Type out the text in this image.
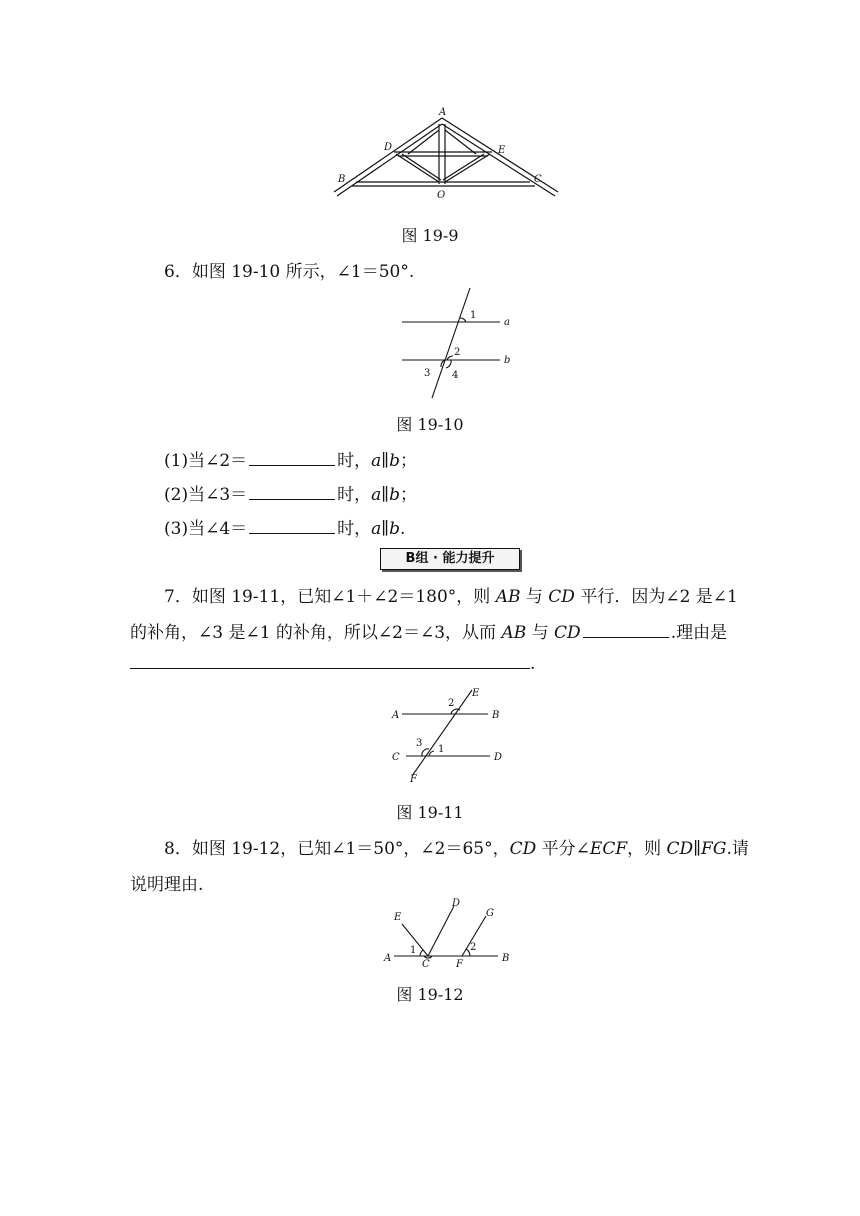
A
D	E
B	C
O
图 19-9
6．如图 19-10 所示，∠1＝50°.
1
2
3 4
a
b
图 19-10
(1)当∠2＝	时，a∥b；
(2)当∠3＝	时，a∥b；
(3)当∠4＝	时，a∥b.
B组 · 能力提升
7．如图 19-11，已知∠1＋∠2＝180°，则 AB 与 CD 平行．因为∠2 是∠1
的补角，∠3 是∠1 的补角，所以∠2＝∠3，从而 AB 与 CD	.理由是
.
A	B
C	D
E
F
1
2
3
图 19-11
8．如图 19-12，已知∠1＝50°，∠2＝65°，CD 平分∠ECF，则 CD∥FG.请
说明理由.
A	B
C
D
E
F
G
1	2
图 19-12
